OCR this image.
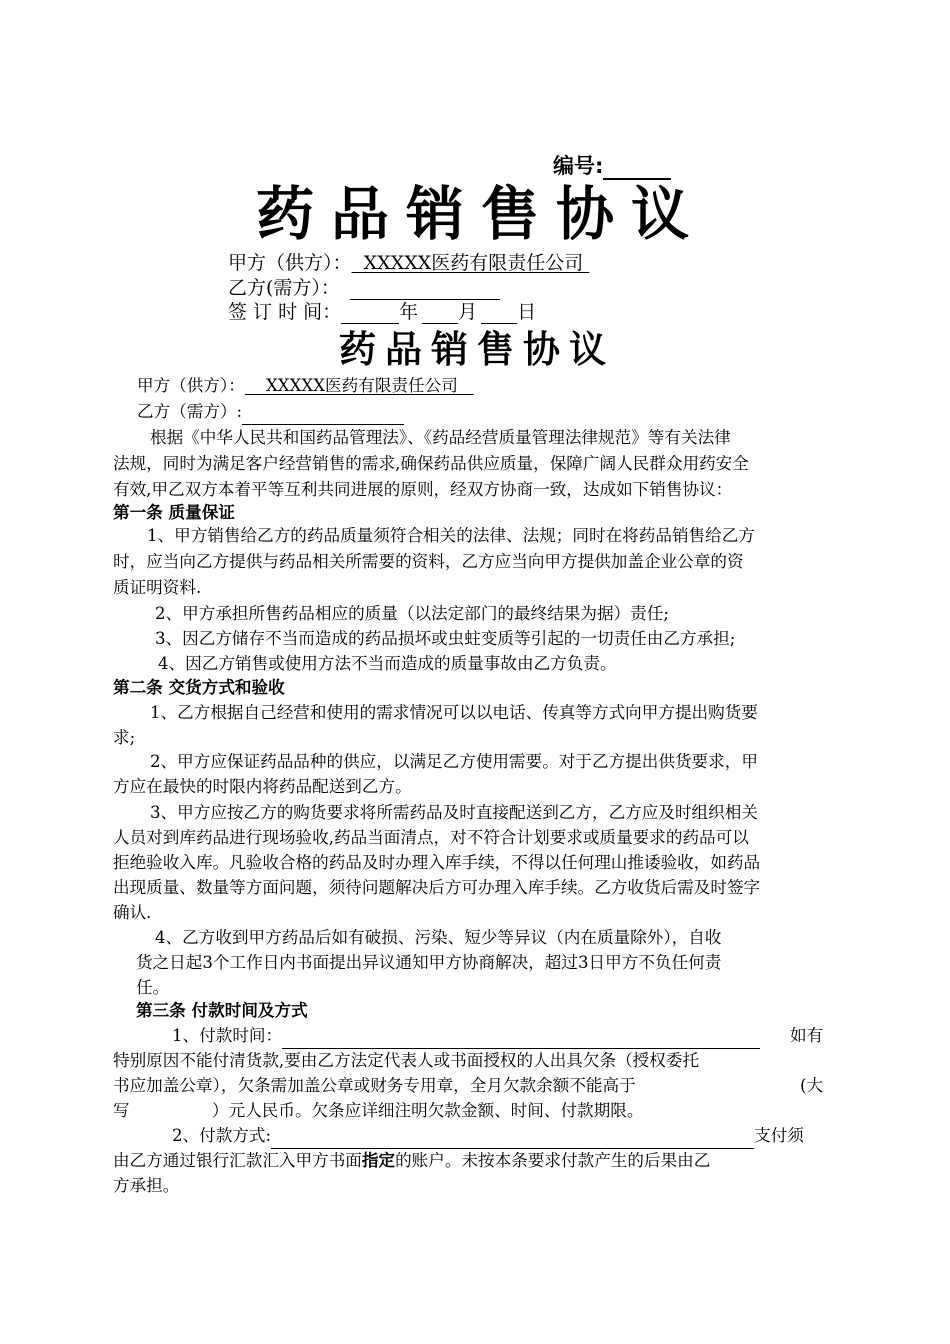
编号:
药品销售协议
甲方（供方）： XXXXX医药有限责任公司
乙方(需方）：
签 订 时 间：	年 月 日
药品销售协议
甲方（供方）： XXXXX医药有限责任公司
乙方（需方）:
根据《中华人民共和国药品管理法》、《药品经营质量管理法律规范》等有关法律
法规，同时为满足客户经营销售的需求,确保药品供应质量，保障广阔人民群众用药安全
有效,甲乙双方本着平等互利共同进展的原则，经双方协商一致，达成如下销售协议：
第一条 质量保证
1、甲方销售给乙方的药品质量须符合相关的法律、法规；同时在将药品销售给乙方
时，应当向乙方提供与药品相关所需要的资料，乙方应当向甲方提供加盖企业公章的资
质证明资料.
2、甲方承担所售药品相应的质量（以法定部门的最终结果为据）责任;
3、因乙方储存不当而造成的药品损坏或虫蛀变质等引起的一切责任由乙方承担;
4、因乙方销售或使用方法不当而造成的质量事故由乙方负责。
第二条 交货方式和验收
1、乙方根据自己经营和使用的需求情况可以以电话、传真等方式向甲方提出购货要
求;
2、甲方应保证药品品种的供应，以满足乙方使用需要。对于乙方提出供货要求，甲
方应在最快的时限内将药品配送到乙方。
3、甲方应按乙方的购货要求将所需药品及时直接配送到乙方，乙方应及时组织相关
人员对到库药品进行现场验收,药品当面清点，对不符合计划要求或质量要求的药品可以
拒绝验收入库。凡验收合格的药品及时办理入库手续，不得以任何理山推诿验收，如药品
出现质量、数量等方面问题，须待问题解决后方可办理入库手续。乙方收货后需及时签字
确认.
4、乙方收到甲方药品后如有破损、污染、短少等异议（内在质量除外），自收
货之日起3个工作日内书面提出异议通知甲方协商解决，超过3日甲方不负任何责
任。
第三条 付款时间及方式
1、付款时间：	如有
特别原因不能付清货款,要由乙方法定代表人或书面授权的人出具欠条（授权委托
书应加盖公章），欠条需加盖公章或财务专用章，全月欠款余额不能高于	(大
写	）元人民币。欠条应详细注明欠款金额、时间、付款期限。
2、付款方式:	支付须
由乙方通过银行汇款汇入甲方书面指定的账户。未按本条要求付款产生的后果由乙
方承担。
